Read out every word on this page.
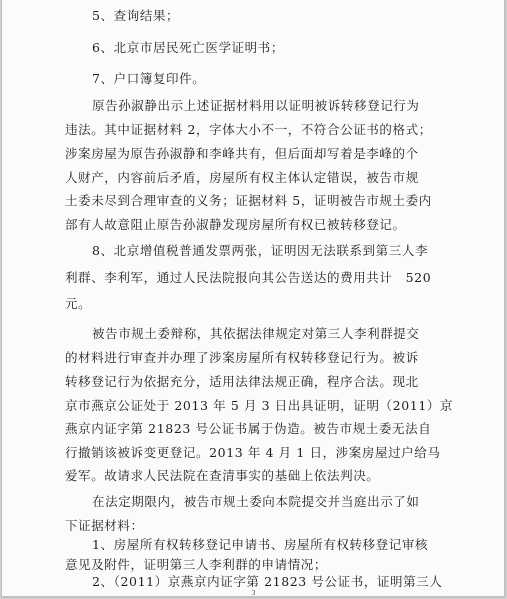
5、查询结果；
6、北京市居民死亡医学证明书；
7、户口簿复印件。
原告孙淑静出示上述证据材料用以证明被诉转移登记行为
违法。其中证据材料 2，字体大小不一，不符合公证书的格式；
涉案房屋为原告孙淑静和李峰共有，但后面却写着是李峰的个
人财产，内容前后矛盾，房屋所有权主体认定错误，被告市规
土委未尽到合理审查的义务；证据材料 5，证明被告市规土委内
部有人故意阻止原告孙淑静发现房屋所有权已被转移登记。
8、北京增值税普通发票两张，证明因无法联系到第三人李
利群、李利军，通过人民法院报向其公告送达的费用共计　520
元。
被告市规土委辩称，其依据法律规定对第三人李利群提交
的材料进行审查并办理了涉案房屋所有权转移登记行为。被诉
转移登记行为依据充分，适用法律法规正确，程序合法。现北
京市燕京公证处于 2013 年 5 月 3 日出具证明，证明（2011）京
燕京内证字第 21823 号公证书属于伪造。被告市规土委无法自
行撤销该被诉变更登记。2013 年 4 月 1 日，涉案房屋过户给马
爱军。故请求人民法院在查清事实的基础上依法判决。
在法定期限内，被告市规土委向本院提交并当庭出示了如
下证据材料：
1、房屋所有权转移登记申请书、房屋所有权转移登记审核
意见及附件，证明第三人李利群的申请情况；
2、（2011）京燕京内证字第 21823 号公证书，证明第三人
3
